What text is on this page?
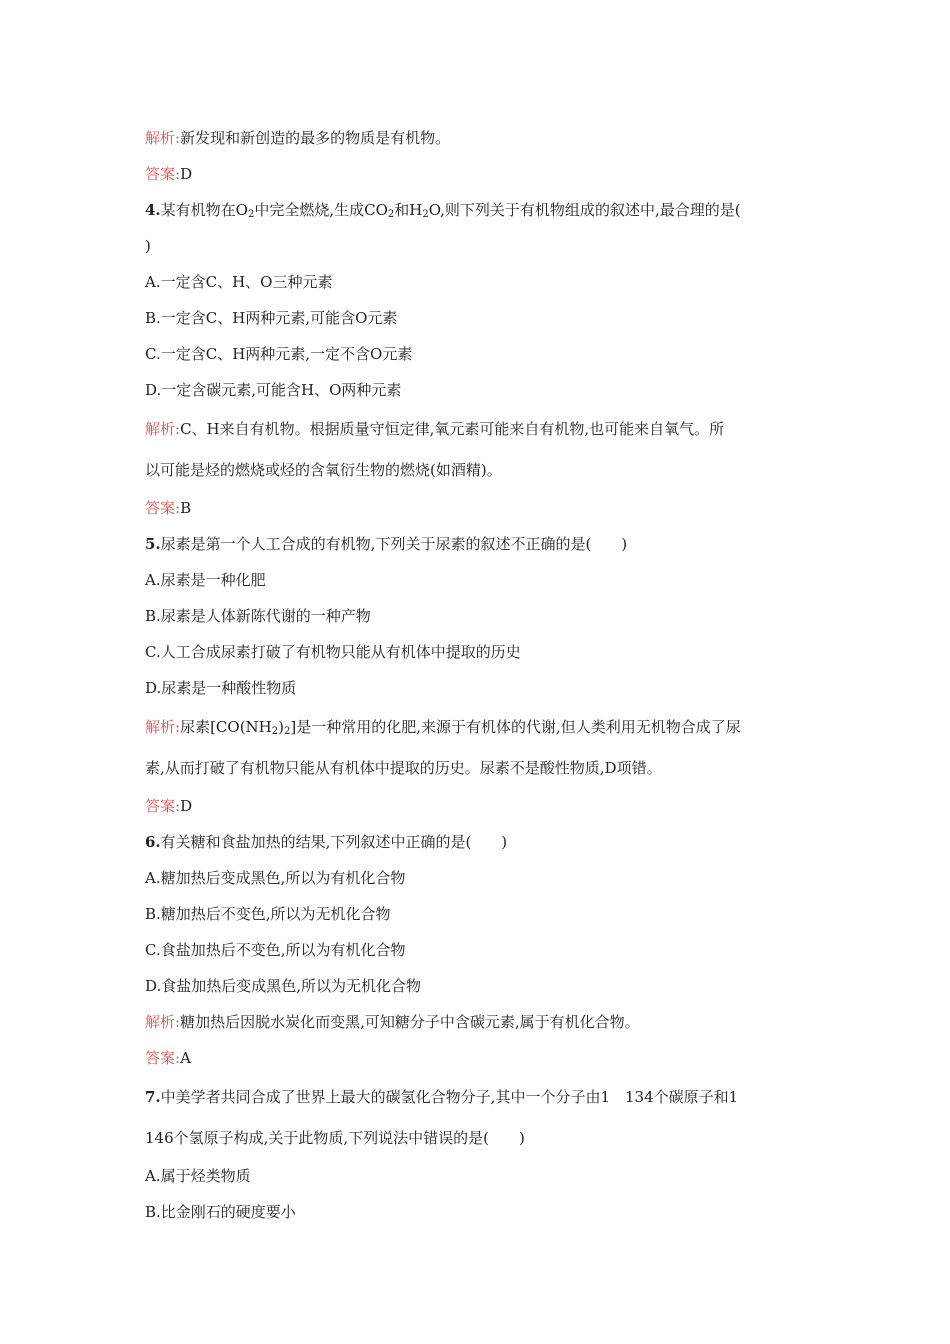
解析:新发现和新创造的最多的物质是有机物。
答案:D
4.某有机物在$O_2$中完全燃烧,生成$CO_2$和$H_2O$,则下列关于有机物组成的叙述中,最合理的是(
)
A.一定含C、H、O三种元素
B.一定含C、H两种元素,可能含O元素
C.一定含C、H两种元素,一定不含O元素
D.一定含碳元素,可能含H、O两种元素
解析:C、H来自有机物。根据质量守恒定律,氧元素可能来自有机物,也可能来自氧气。所
以可能是烃的燃烧或烃的含氧衍生物的燃烧(如酒精)。
答案:B
5.尿素是第一个人工合成的有机物,下列关于尿素的叙述不正确的是(　　)
A.尿素是一种化肥
B.尿素是人体新陈代谢的一种产物
C.人工合成尿素打破了有机物只能从有机体中提取的历史
D.尿素是一种酸性物质
解析:尿素$[CO(NH_2)_2]$是一种常用的化肥,来源于有机体的代谢,但人类利用无机物合成了尿
素,从而打破了有机物只能从有机体中提取的历史。尿素不是酸性物质,D项错。
答案:D
6.有关糖和食盐加热的结果,下列叙述中正确的是(　　)
A.糖加热后变成黑色,所以为有机化合物
B.糖加热后不变色,所以为无机化合物
C.食盐加热后不变色,所以为有机化合物
D.食盐加热后变成黑色,所以为无机化合物
解析:糖加热后因脱水炭化而变黑,可知糖分子中含碳元素,属于有机化合物。
答案:A
7.中美学者共同合成了世界上最大的碳氢化合物分子,其中一个分子由1　134个碳原子和1
146个氢原子构成,关于此物质,下列说法中错误的是(　　)
A.属于烃类物质
B.比金刚石的硬度要小
